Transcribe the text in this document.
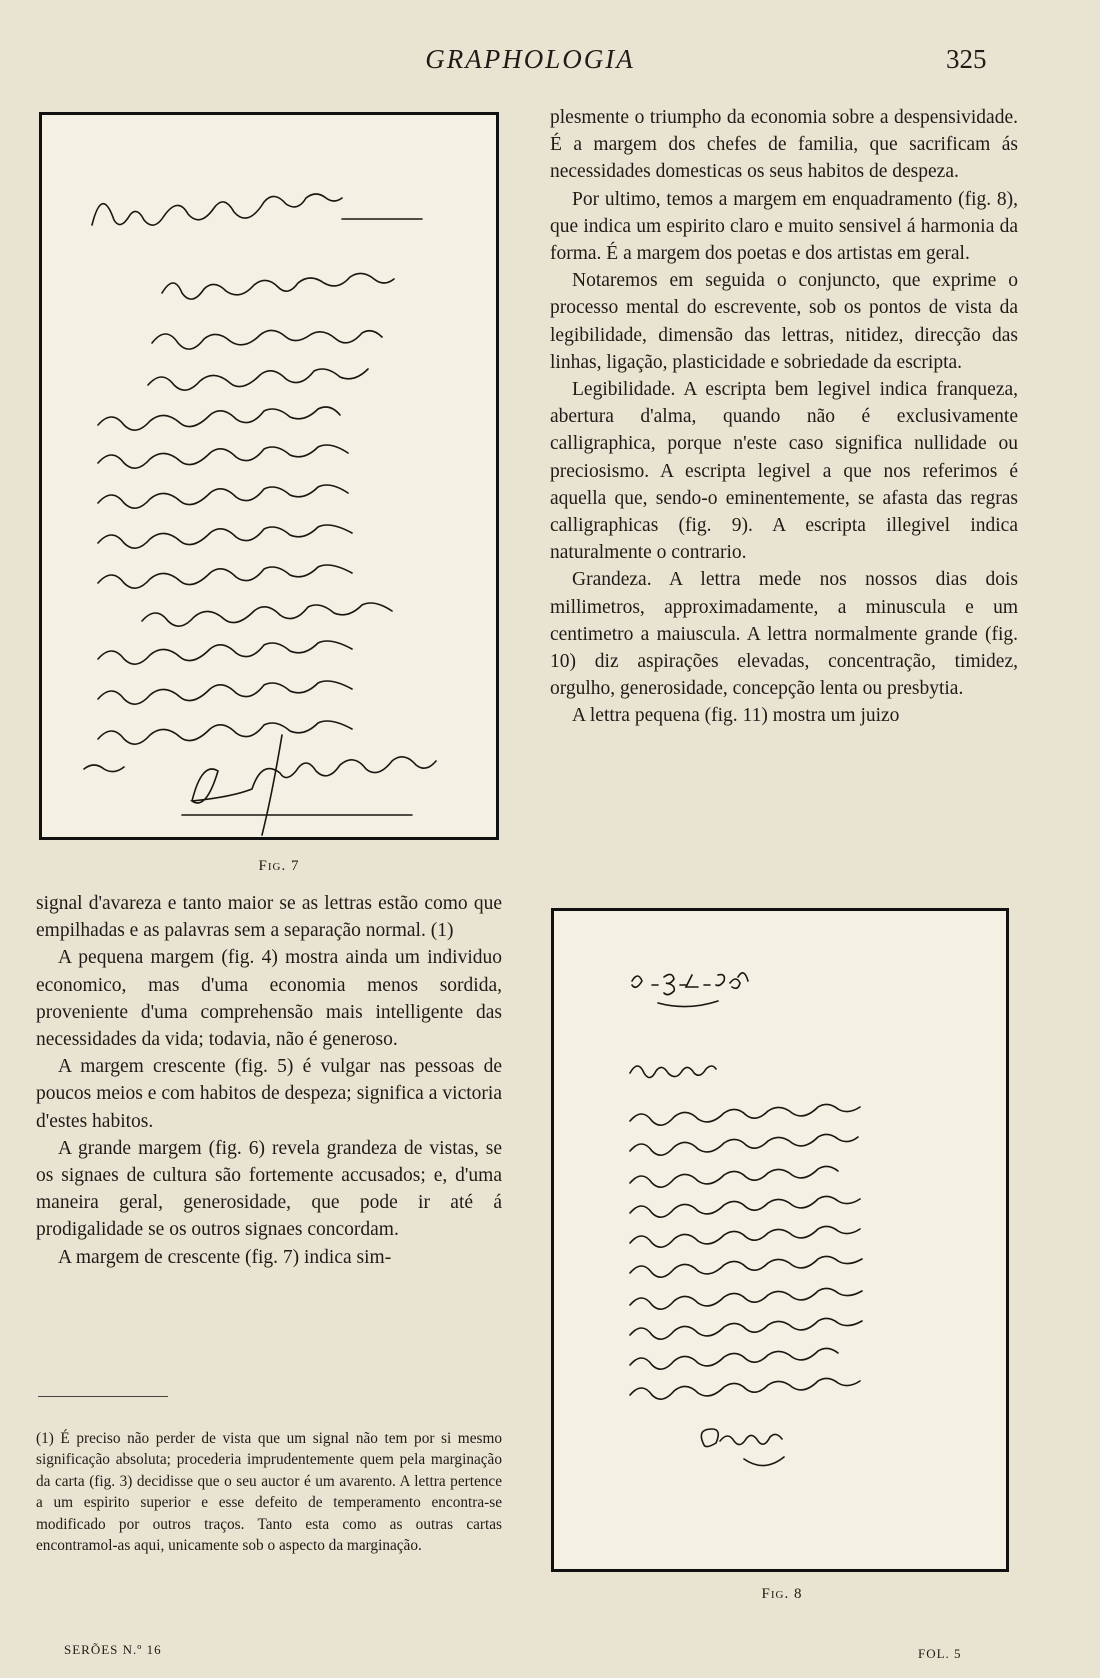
GRAPHOLOGIA	325
Fig. 7

signal d'avareza e tanto maior se as lettras estão como que empilhadas e as palavras sem a separação normal. (1)

A pequena margem (fig. 4) mostra ainda um individuo economico, mas d'uma economia menos sordida, proveniente d'uma comprehensão mais intelligente das necessidades da vida; todavia, não é generoso.

A margem crescente (fig. 5) é vulgar nas pessoas de poucos meios e com habitos de despeza; significa a victoria d'estes habitos.

A grande margem (fig. 6) revela grandeza de vistas, se os signaes de cultura são fortemente accusados; e, d'uma maneira geral, generosidade, que pode ir até á prodigalidade se os outros signaes concordam.

A margem de crescente (fig. 7) indica sim-

(1) É preciso não perder de vista que um signal não tem por si mesmo significação absoluta; procederia imprudentemente quem pela marginação da carta (fig. 3) decidisse que o seu auctor é um avarento. A lettra pertence a um espirito superior e esse defeito de temperamento encontra-se modificado por outros traços. Tanto esta como as outras cartas encontramol-as aqui, unicamente sob o aspecto da marginação.

plesmente o triumpho da economia sobre a despensividade. É a margem dos chefes de familia, que sacrificam ás necessidades domesticas os seus habitos de despeza.

Por ultimo, temos a margem em enquadramento (fig. 8), que indica um espirito claro e muito sensivel á harmonia da forma. É a margem dos poetas e dos artistas em geral.

Notaremos em seguida o conjuncto, que exprime o processo mental do escrevente, sob os pontos de vista da legibilidade, dimensão das lettras, nitidez, direcção das linhas, ligação, plasticidade e sobriedade da escripta.

Legibilidade. A escripta bem legivel indica franqueza, abertura d'alma, quando não é exclusivamente calligraphica, porque n'este caso significa nullidade ou preciosismo. A escripta legivel a que nos referimos é aquella que, sendo-o eminentemente, se afasta das regras calligraphicas (fig. 9). A escripta illegivel indica naturalmente o contrario.

Grandeza. A lettra mede nos nossos dias dois millimetros, approximadamente, a minuscula e um centimetro a maiuscula. A lettra normalmente grande (fig. 10) diz aspirações elevadas, concentração, timidez, orgulho, generosidade, concepção lenta ou presbytia.

A lettra pequena (fig. 11) mostra um juizo

Fig. 8
SERÕES N.º 16	FOL. 5
